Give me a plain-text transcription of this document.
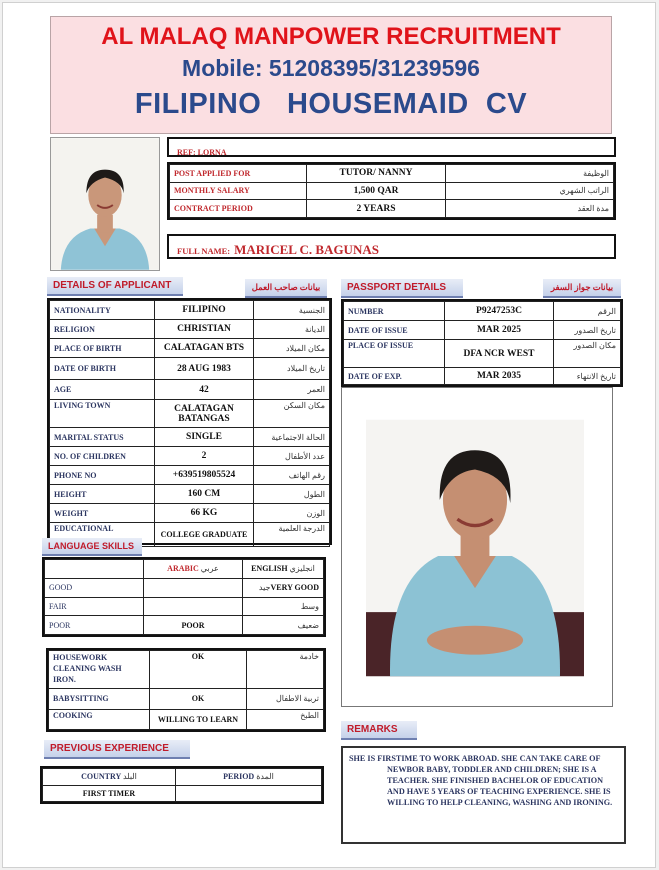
AL MALAQ MANPOWER RECRUITMENT
Mobile: 51208395/31239596
FILIPINO   HOUSEMAID  CV
REF: LORNA
POST APPLIED FOR	TUTOR/ NANNY	الوظيفة
MONTHLY SALARY	1,500 QAR	الراتب الشهري
CONTRACT PERIOD	2 YEARS	مدة العقد
FULL NAME: MARICEL C. BAGUNAS
DETAILS OF APPLICANT	بيانات صاحب العمل
NATIONALITY	FILIPINO	الجنسية
RELIGION	CHRISTIAN	الديانة
PLACE OF BIRTH	CALATAGAN BTS	مكان الميلاد
DATE OF BIRTH	28 AUG 1983	تاريخ الميلاد
AGE	42	العمر
LIVING TOWN	CALATAGAN BATANGAS	مكان السكن
MARITAL STATUS	SINGLE	الحالة الاجتماعية
NO. OF CHILDREN	2	عدد الأطفال
PHONE NO	+639519805524	رقم الهاتف
HEIGHT	160 CM	الطول
WEIGHT	66 KG	الوزن
EDUCATIONAL	COLLEGE GRADUATE	الدرجة العلمية
LANGUAGE SKILLS
	ARABIC عربي	ENGLISH انجليزي
GOOD		جيدVERY GOOD
FAIR		وسط
POOR	POOR	ضعيف
HOUSEWORK CLEANING WASH IRON.	OK	خادمة
BABYSITTING	OK	تربية الاطفال
COOKING	WILLING TO LEARN	الطبخ
PREVIOUS EXPERIENCE
COUNTRY البلد	PERIOD المدة
FIRST TIMER	
PASSPORT DETAILS	بيانات جواز السفر
NUMBER	P9247253C	الرقم
DATE OF ISSUE	MAR 2025	تاريخ الصدور
PLACE OF ISSUE	DFA NCR WEST	مكان الصدور
DATE OF EXP.	MAR 2035	تاريخ الانتهاء
REMARKS
SHE IS FIRSTIME TO WORK ABROAD. SHE CAN TAKE CARE OF NEWBOR BABY, TODDLER AND CHILDREN; SHE IS A TEACHER. SHE FINISHED BACHELOR OF EDUCATION AND HAVE 5 YEARS OF TEACHING EXPERIENCE. SHE IS WILLING TO HELP CLEANING, WASHING AND IRONING.
